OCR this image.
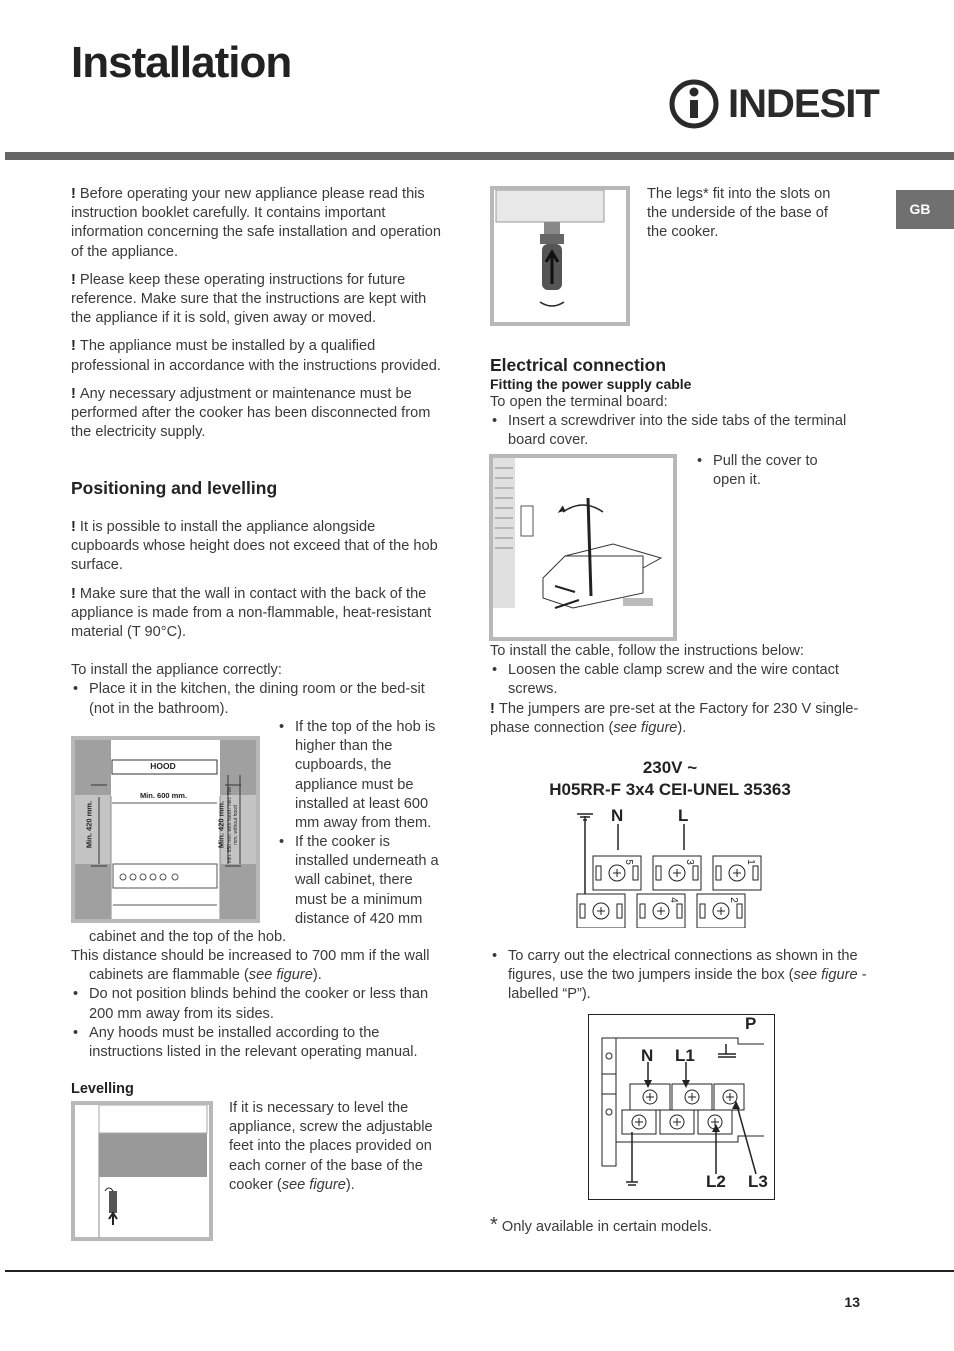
Installation
INDESIT
GB

! Before operating your new appliance please read this instruction booklet carefully. It contains important information concerning the safe installation and operation of the appliance.

! Please keep these operating instructions for future reference. Make sure that the instructions are kept with the appliance if it is sold, given away or moved.

! The appliance must be installed by a qualified professional in accordance with the instructions provided.

! Any necessary adjustment or maintenance must be performed after the cooker has been disconnected from the electricity supply.

Positioning and levelling

! It is possible to install the appliance alongside cupboards whose height does not exceed that of the hob surface.

! Make sure that the wall in contact with the back of the appliance is made from a non-flammable, heat-resistant material (T 90°C).

To install the appliance correctly:

• Place it in the kitchen, the dining room or the bed-sit (not in the bathroom).

HOOD
Min. 600 mm.
Min. 420 mm.	Min. 420 mm. min. 650 mm. with hood / min. 700 mm. without hood

• If the top of the hob is higher than the cupboards, the appliance must be installed at least 600 mm away from them.

• If the cooker is installed underneath a wall cabinet, there must be a minimum distance of 420 mm

cabinet and the top of the hob.

This distance should be increased to 700 mm if the wall cabinets are flammable (see figure).

• Do not position blinds behind the cooker or less than 200 mm away from its sides.

• Any hoods must be installed according to the instructions listed in the relevant operating manual.

Levelling

If it is necessary to level the appliance, screw the adjustable feet into the places provided on each corner of the base of the cooker (see figure).

The legs* fit into the slots on the underside of the base of the cooker.
Electrical connection
Fitting the power supply cable

To open the terminal board:

• Insert a screwdriver into the side tabs of the terminal board cover.

• Pull the cover to open it.

To install the cable, follow the instructions below:

• Loosen the cable clamp screw and the wire contact screws.

! The jumpers are pre-set at the Factory for 230 V single-phase connection (see figure).

230V ~
H05RR-F 3x4 CEI-UNEL 35363
N	L
5	3	1
4	2

• To carry out the electrical connections as shown in the figures, use the two jumpers inside the box (see figure - labelled “P”).

P
N L1
L2 L3
* Only available in certain models.
13
